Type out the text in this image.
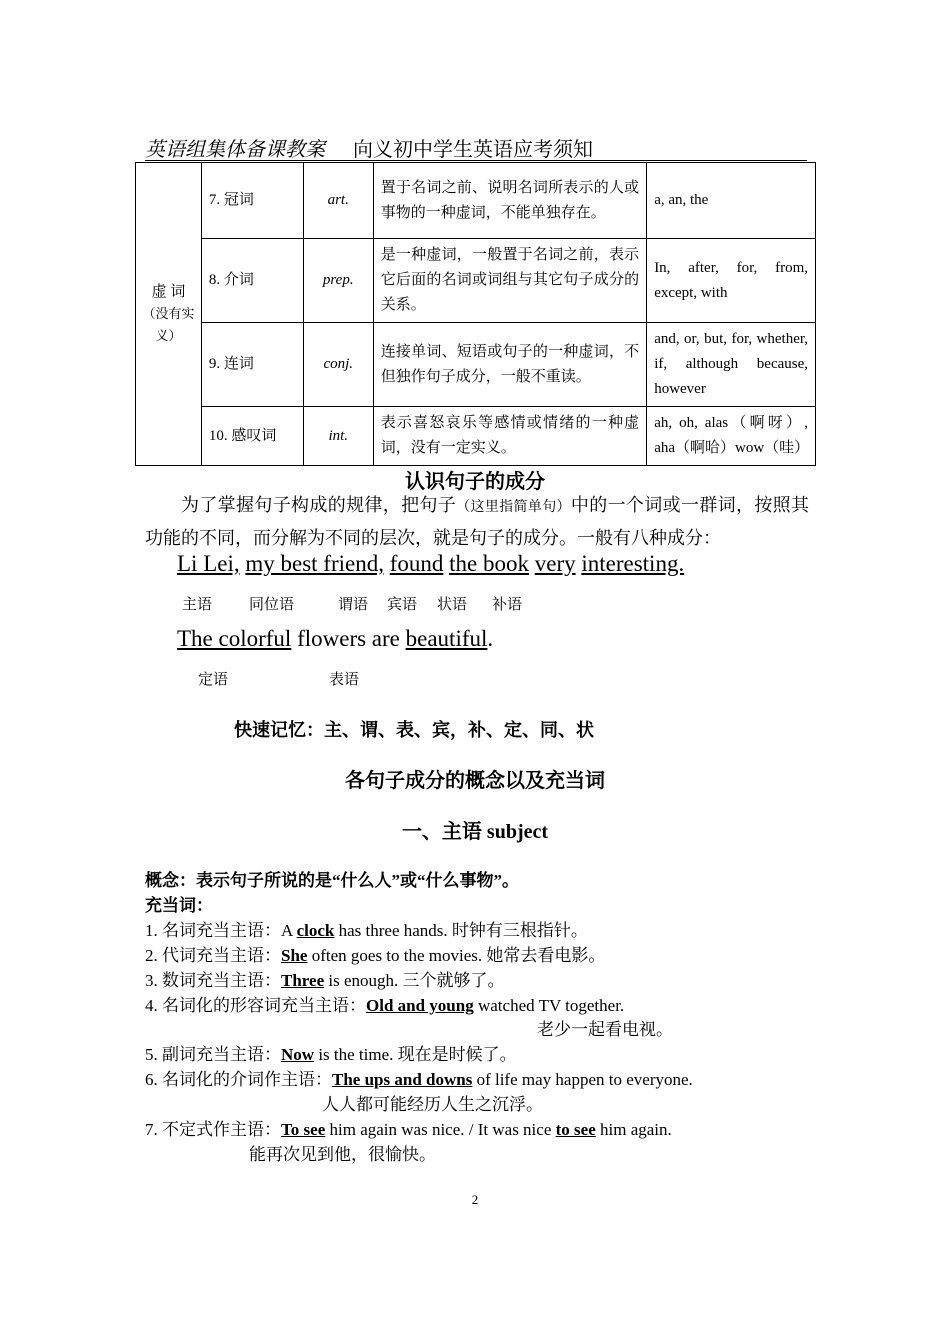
英语组集体备课教案 向义初中学生英语应考须知
虚 词
（没有实义）	7. 冠词	art.	置于名词之前、说明名词所表示的人或事物的一种虚词，不能单独存在。	a, an, the
	8. 介词	prep.	是一种虚词，一般置于名词之前，表示它后面的名词或词组与其它句子成分的关系。	In, after, for, from, except, with
	9. 连词	conj.	连接单词、短语或句子的一种虚词，不但独作句子成分，一般不重读。	and, or, but, for, whether, if, although because, however
	10. 感叹词	int.	表示喜怒哀乐等感情或情绪的一种虚词，没有一定实义。	ah, oh, alas（啊呀）, aha（啊哈）wow（哇）
认识句子的成分
为了掌握句子构成的规律，把句子（这里指简单句）中的一个词或一群词，按照其功能的不同，而分解为不同的层次，就是句子的成分。一般有八种成分：
Li Lei, my best friend, found the book very interesting.
主语 同位语	谓语 宾语 状语 补语
The colorful flowers are beautiful.
定语	表语
快速记忆：主、谓、表、宾，补、定、同、状
各句子成分的概念以及充当词
一、主语 subject
概念：表示句子所说的是“什么人”或“什么事物”。
充当词：
1. 名词充当主语：A clock has three hands. 时钟有三根指针。
2. 代词充当主语：She often goes to the movies. 她常去看电影。
3. 数词充当主语：Three is enough. 三个就够了。
4. 名词化的形容词充当主语：Old and young watched TV together.
老少一起看电视。
5. 副词充当主语：Now is the time. 现在是时候了。
6. 名词化的介词作主语：The ups and downs of life may happen to everyone.
人人都可能经历人生之沉浮。
7. 不定式作主语：To see him again was nice. / It was nice to see him again.
能再次见到他，很愉快。
2
